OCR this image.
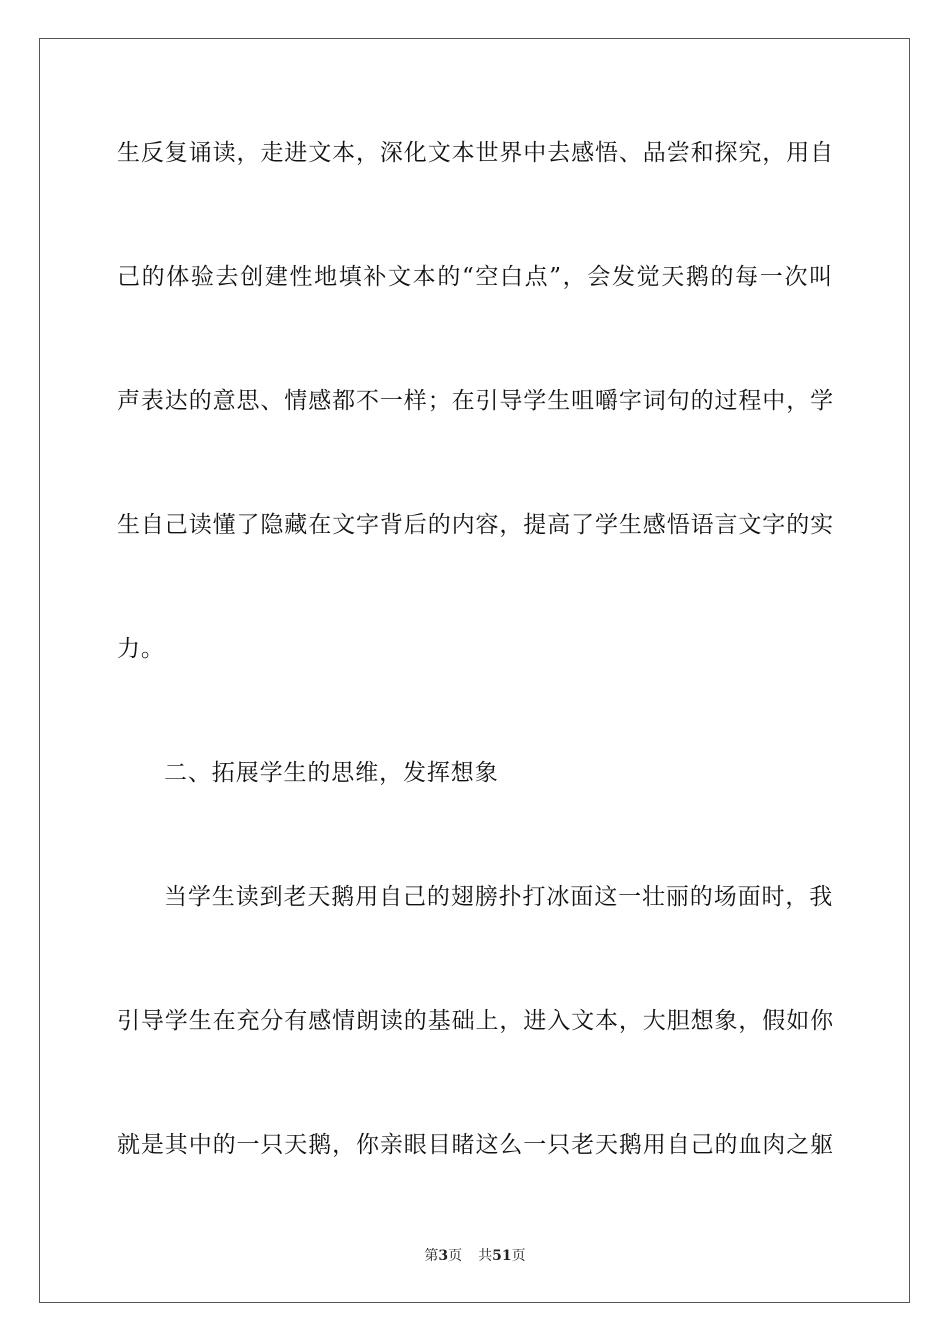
生反复诵读，走进文本，深化文本世界中去感悟、品尝和探究，用自
己的体验去创建性地填补文本的“空白点”，会发觉天鹅的每一次叫
声表达的意思、情感都不一样；在引导学生咀嚼字词句的过程中，学
生自己读懂了隐藏在文字背后的内容，提高了学生感悟语言文字的实
力。
二、拓展学生的思维，发挥想象
当学生读到老天鹅用自己的翅膀扑打冰面这一壮丽的场面时，我
引导学生在充分有感情朗读的基础上，进入文本，大胆想象，假如你
就是其中的一只天鹅，你亲眼目睹这么一只老天鹅用自己的血肉之躯
第3页 共51页
